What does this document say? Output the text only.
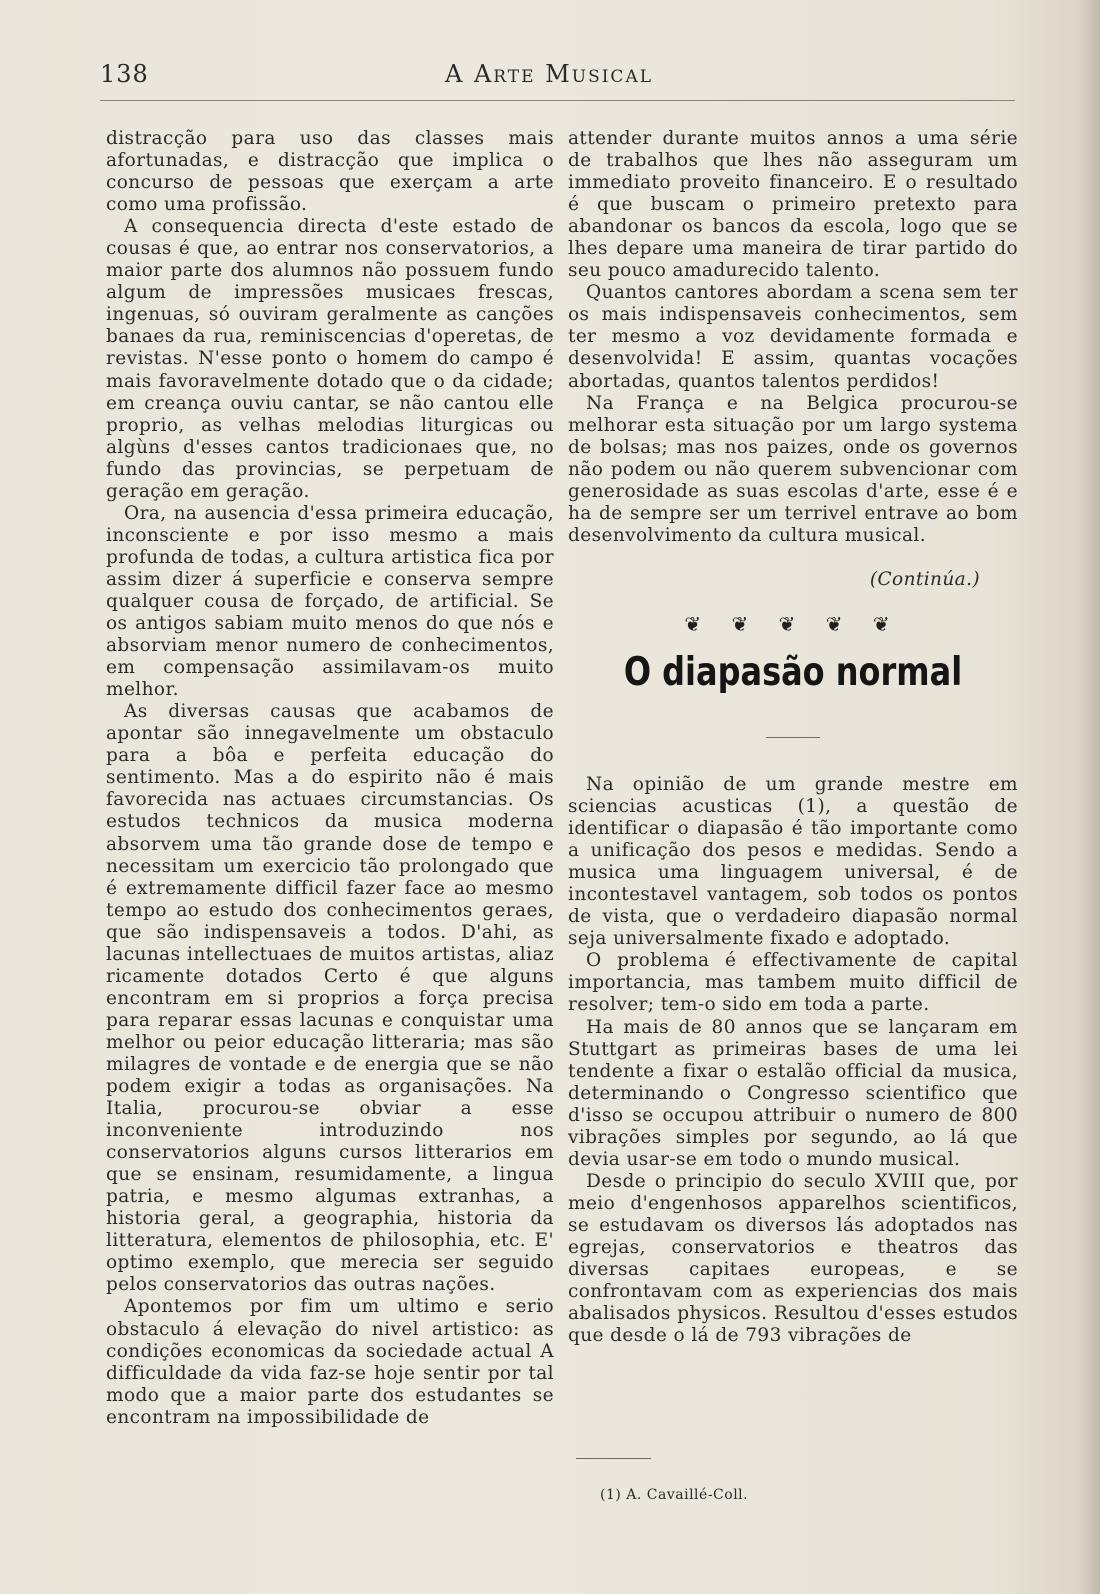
138	A Arte Musical

distracção para uso das classes mais afortunadas, e distracção que implica o concurso de pessoas que exerçam a arte como uma profissão.

A consequencia directa d'este estado de cousas é que, ao entrar nos conservatorios, a maior parte dos alumnos não possuem fundo algum de impressões musicaes frescas, ingenuas, só ouviram geralmente as canções banaes da rua, reminiscencias d'operetas, de revistas. N'esse ponto o homem do campo é mais favoravelmente dotado que o da cidade; em creança ouviu cantar, se não cantou elle proprio, as velhas melodias liturgicas ou algùns d'esses cantos tradicionaes que, no fundo das provincias, se perpetuam de geração em geração.

Ora, na ausencia d'essa primeira educação, inconsciente e por isso mesmo a mais profunda de todas, a cultura artistica fica por assim dizer á superficie e conserva sempre qualquer cousa de forçado, de artificial. Se os antigos sabiam muito menos do que nós e absorviam menor numero de conhecimentos, em compensação assimilavam-os muito melhor.

As diversas causas que acabamos de apontar são innegavelmente um obstaculo para a bôa e perfeita educação do sentimento. Mas a do espirito não é mais favorecida nas actuaes circumstancias. Os estudos technicos da musica moderna absorvem uma tão grande dose de tempo e necessitam um exercicio tão prolongado que é extremamente difficil fazer face ao mesmo tempo ao estudo dos conhecimentos geraes, que são indispensaveis a todos. D'ahi, as lacunas intellectuaes de muitos artistas, aliaz ricamente dotados Certo é que alguns encontram em si proprios a força precisa para reparar essas lacunas e conquistar uma melhor ou peior educação litteraria; mas são milagres de vontade e de energia que se não podem exigir a todas as organisações. Na Italia, procurou-se obviar a esse inconveniente introduzindo nos conservatorios alguns cursos litterarios em que se ensinam, resumidamente, a lingua patria, e mesmo algumas extranhas, a historia geral, a geographia, historia da litteratura, elementos de philosophia, etc. E' optimo exemplo, que merecia ser seguido pelos conservatorios das outras nações.

Apontemos por fim um ultimo e serio obstaculo á elevação do nivel artistico: as condições economicas da sociedade actual A difficuldade da vida faz-se hoje sentir por tal modo que a maior parte dos estudantes se encontram na impossibilidade de

attender durante muitos annos a uma série de trabalhos que lhes não asseguram um immediato proveito financeiro. E o resultado é que buscam o primeiro pretexto para abandonar os bancos da escola, logo que se lhes depare uma maneira de tirar partido do seu pouco amadurecido talento.

Quantos cantores abordam a scena sem ter os mais indispensaveis conhecimentos, sem ter mesmo a voz devidamente formada e desenvolvida! E assim, quantas vocações abortadas, quantos talentos perdidos!

Na França e na Belgica procurou-se melhorar esta situação por um largo systema de bolsas; mas nos paizes, onde os governos não podem ou não querem subvencionar com generosidade as suas escolas d'arte, esse é e ha de sempre ser um terrivel entrave ao bom desenvolvimento da cultura musical.

(Continúa.)

❦ ❦ ❦ ❦ ❦

O diapasão normal

Na opinião de um grande mestre em sciencias acusticas (1), a questão de identificar o diapasão é tão importante como a unificação dos pesos e medidas. Sendo a musica uma linguagem universal, é de incontestavel vantagem, sob todos os pontos de vista, que o verdadeiro diapasão normal seja universalmente fixado e adoptado.

O problema é effectivamente de capital importancia, mas tambem muito difficil de resolver; tem-o sido em toda a parte.

Ha mais de 80 annos que se lançaram em Stuttgart as primeiras bases de uma lei tendente a fixar o estalão official da musica, determinando o Congresso scientifico que d'isso se occupou attribuir o numero de 800 vibrações simples por segundo, ao lá que devia usar-se em todo o mundo musical.

Desde o principio do seculo XVIII que, por meio d'engenhosos apparelhos scientificos, se estudavam os diversos lás adoptados nas egrejas, conservatorios e theatros das diversas capitaes europeas, e se confrontavam com as experiencias dos mais abalisados physicos. Resultou d'esses estudos que desde o lá de 793 vibrações de

(1) A. Cavaillé-Coll.
